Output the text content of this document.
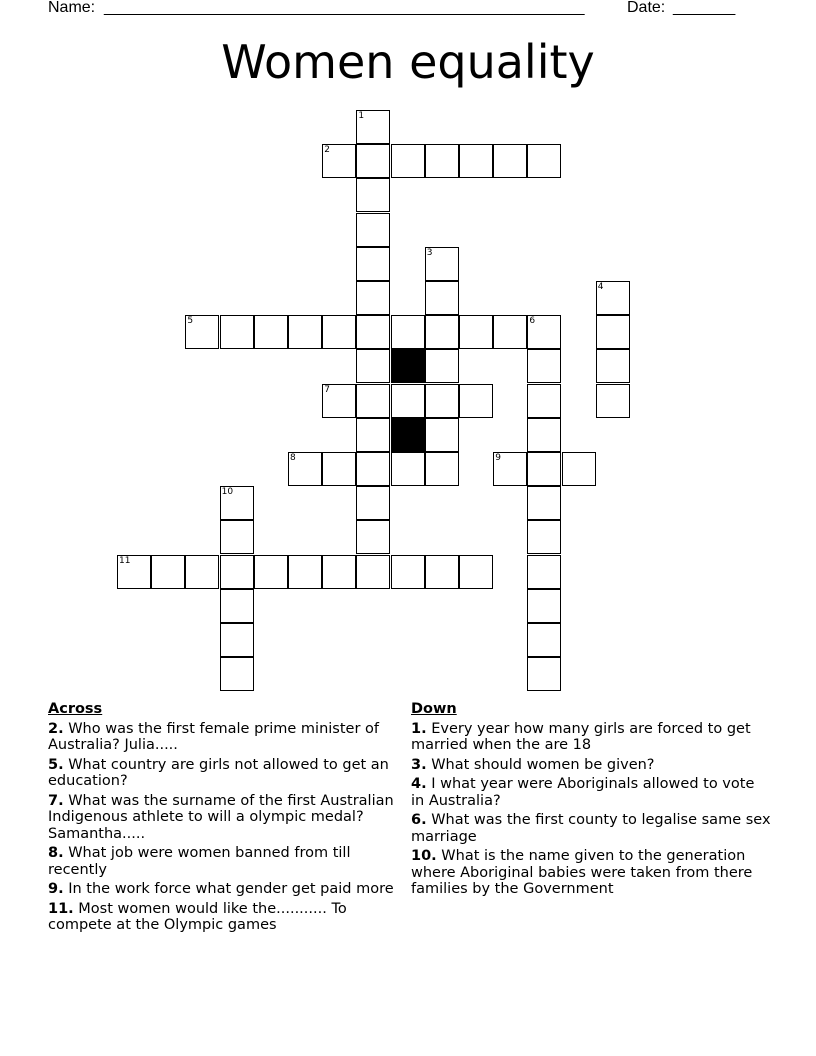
Name: ______________________________________________________	Date: _______
Women equality
1
2
3
4
5	6
7
8	9
10
11
Across
2. Who was the first female prime minister of Australia? Julia.....
5. What country are girls not allowed to get an education?
7. What was the surname of the first Australian Indigenous athlete to will a olympic medal? Samantha.....
8. What job were women banned from till recently
9. In the work force what gender get paid more
11. Most women would like the........... To compete at the Olympic games
Down
1. Every year how many girls are forced to get married when the are 18
3. What should women be given?
4. I what year were Aboriginals allowed to vote in Australia?
6. What was the first county to legalise same sex marriage
10. What is the name given to the generation where Aboriginal babies were taken from there families by the Government
